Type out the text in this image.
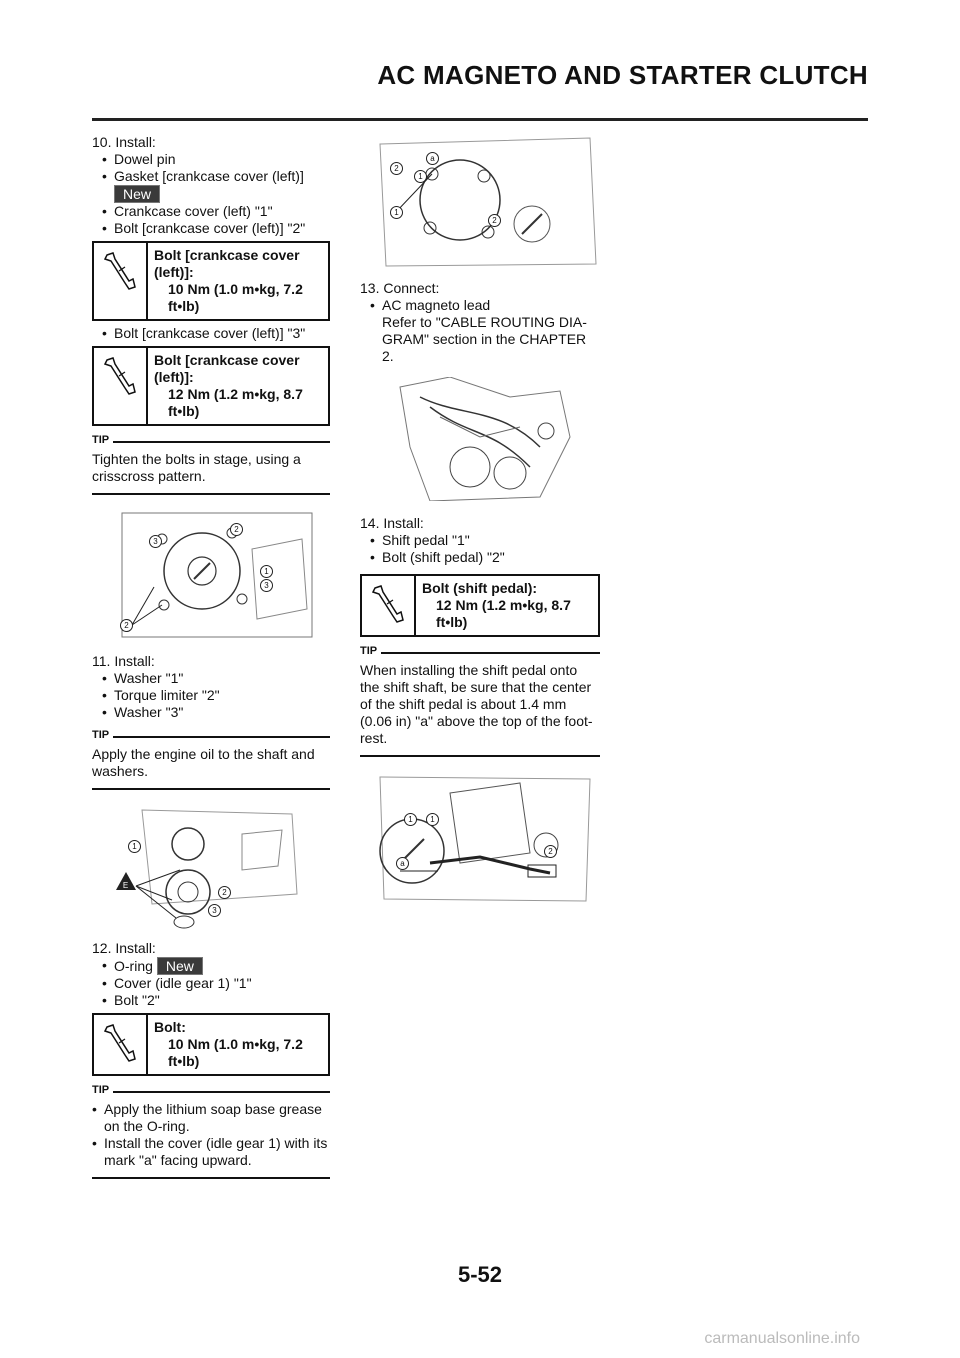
AC MAGNETO AND STARTER CLUTCH
10. Install:
• Dowel pin
• Gasket [crankcase cover (left)]
New
• Crankcase cover (left) "1"
• Bolt [crankcase cover (left)] "2"
Bolt [crankcase cover (left)]:
10 Nm (1.0 m•kg, 7.2 ft•lb)
• Bolt [crankcase cover (left)] "3"
Bolt [crankcase cover (left)]:
12 Nm (1.2 m•kg, 8.7 ft•lb)
TIP
Tighten the bolts in stage, using a crisscross pattern.
3
2
1
3
2
11. Install:
• Washer "1"
• Torque limiter "2"
• Washer "3"
TIP
Apply the engine oil to the shaft and washers.
1
E
2
3
12. Install:
• O-ring New
• Cover (idle gear 1) "1"
• Bolt "2"
Bolt:
10 Nm (1.0 m•kg, 7.2 ft•lb)
TIP
• Apply the lithium soap base grease on the O-ring.
• Install the cover (idle gear 1) with its mark "a" facing upward.
2
a
1
1
2
13. Connect:
• AC magneto lead
Refer to "CABLE ROUTING DIA-GRAM" section in the CHAPTER 2.
14. Install:
• Shift pedal "1"
• Bolt (shift pedal) "2"
Bolt (shift pedal):
12 Nm (1.2 m•kg, 8.7 ft•lb)
TIP
When installing the shift pedal onto the shift shaft, be sure that the center of the shift pedal is about 1.4 mm (0.06 in) "a" above the top of the foot-rest.
1	1
a
2
5-52
carmanualsonline.info
